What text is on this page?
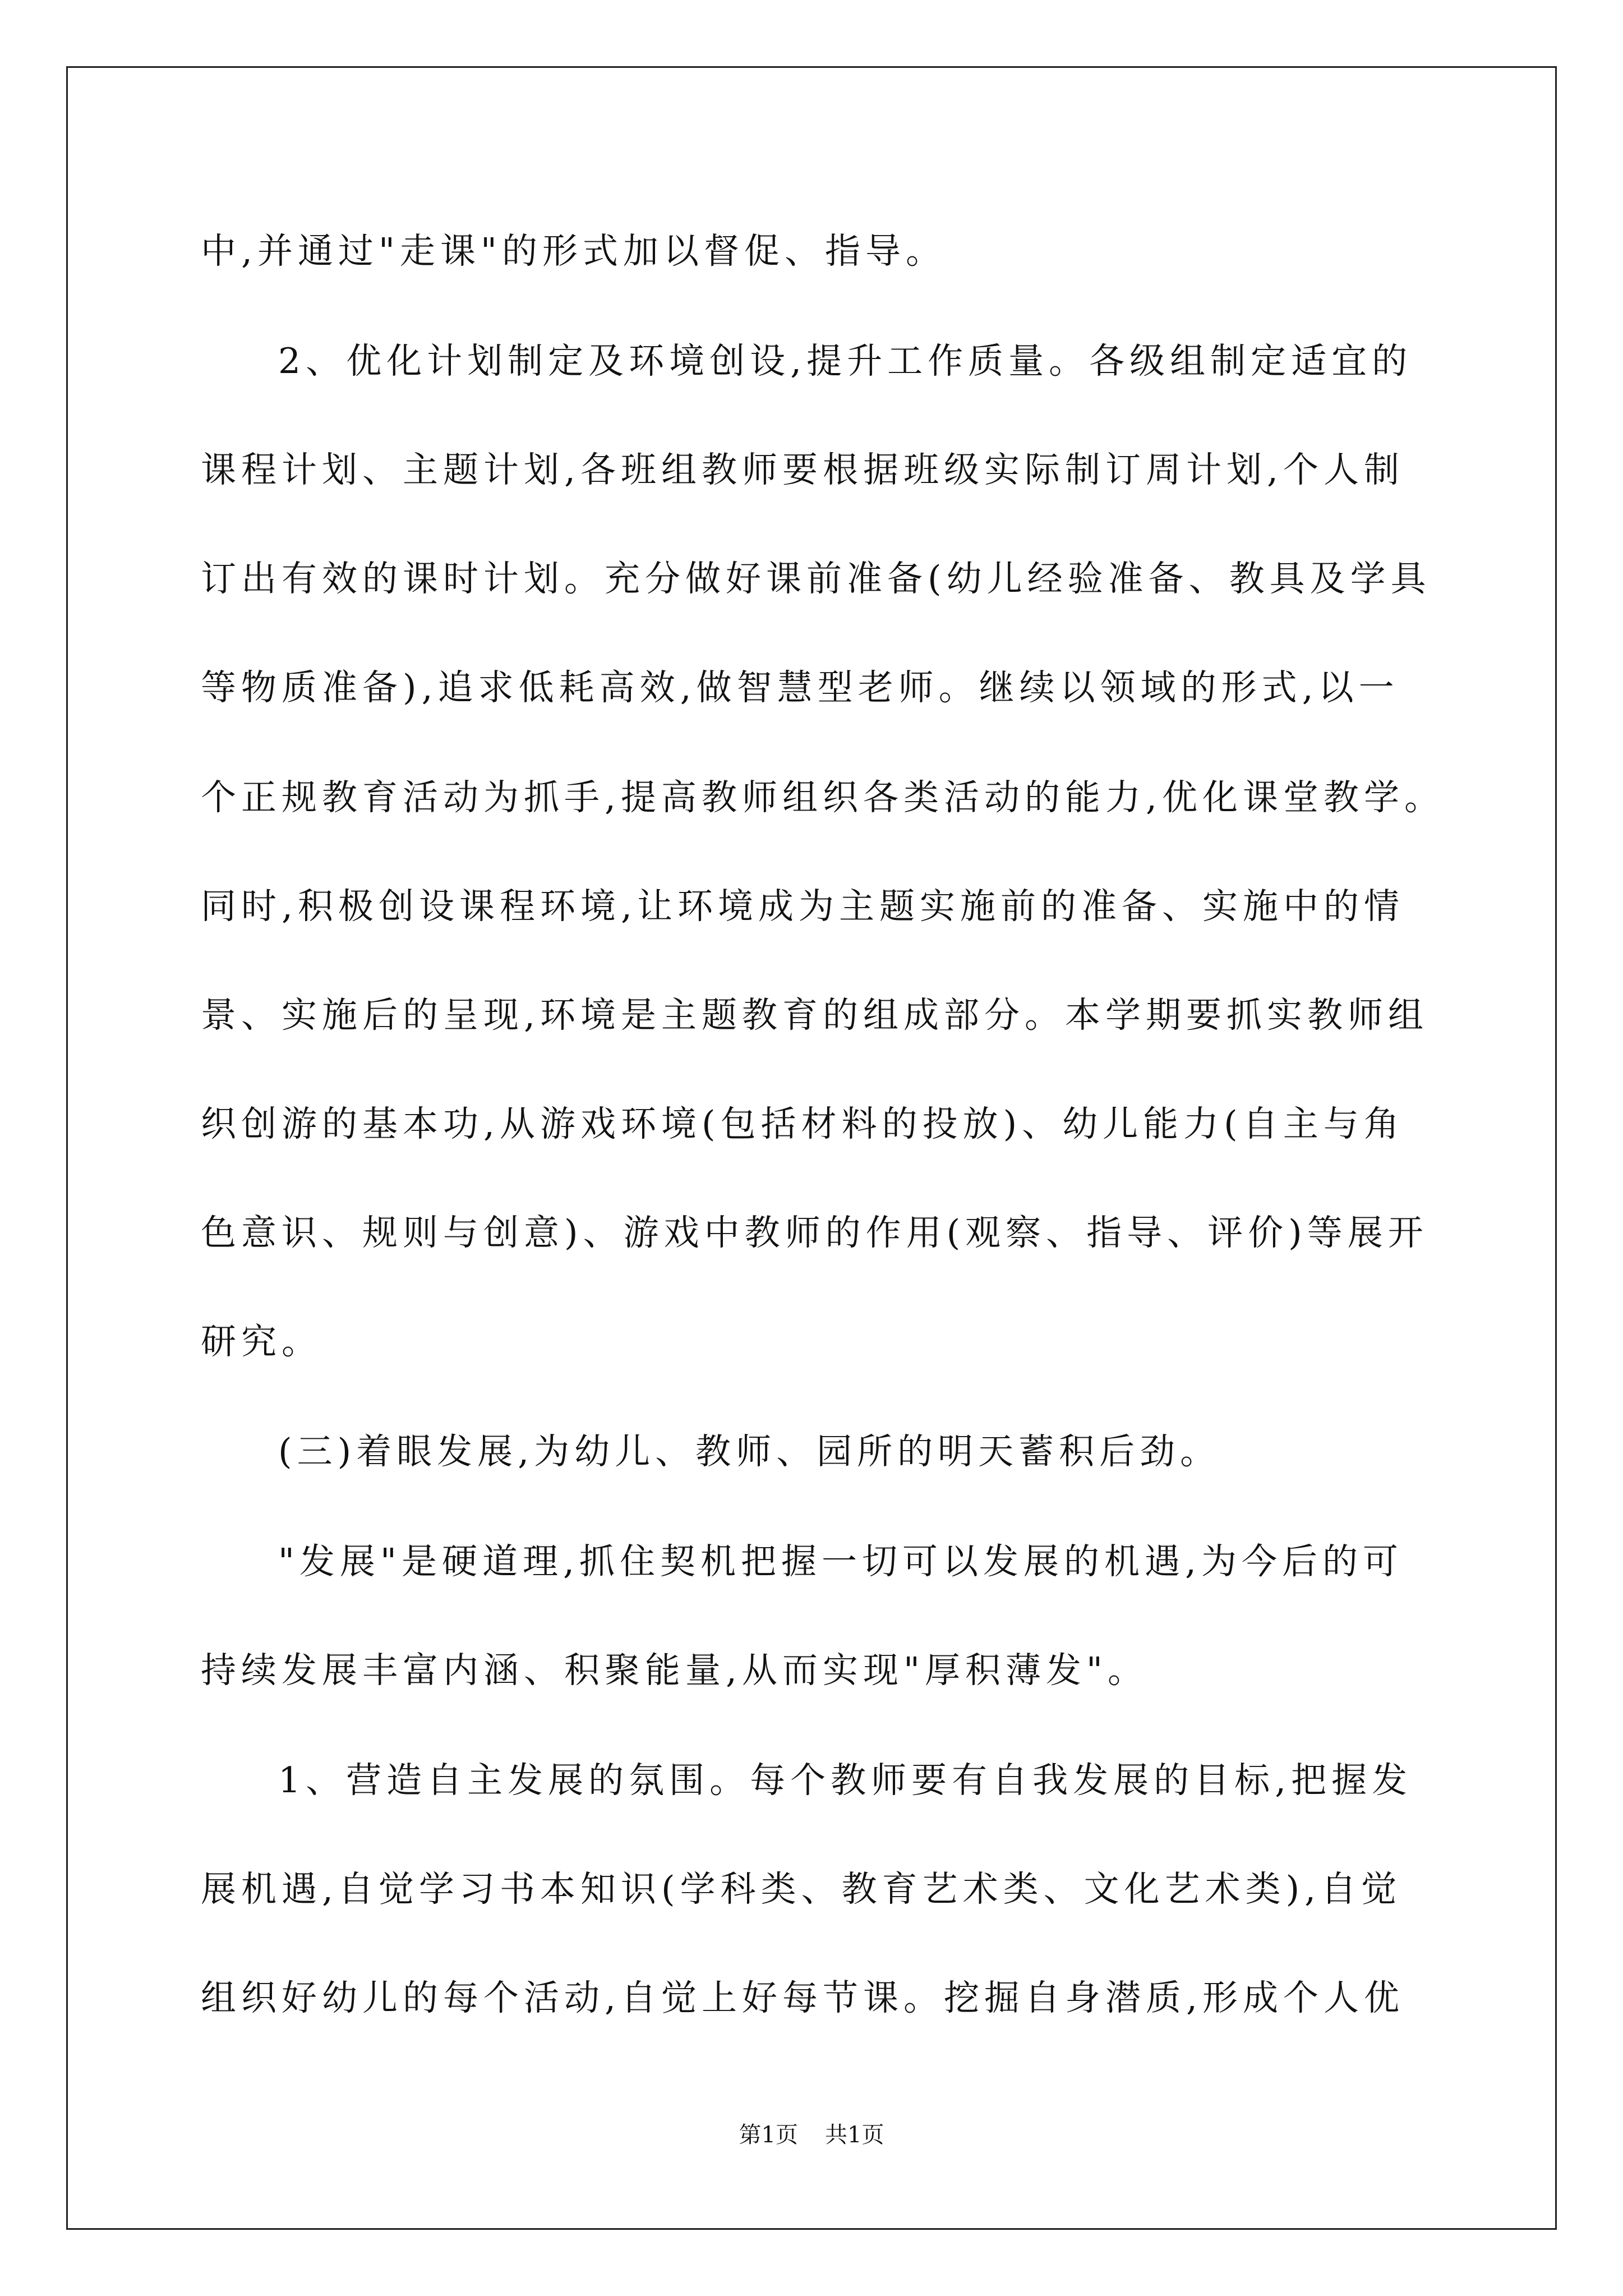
中,并通过"走课"的形式加以督促、指导。
2、优化计划制定及环境创设,提升工作质量。各级组制定适宜的
课程计划、主题计划,各班组教师要根据班级实际制订周计划,个人制
订出有效的课时计划。充分做好课前准备(幼儿经验准备、教具及学具
等物质准备),追求低耗高效,做智慧型老师。继续以领域的形式,以一
个正规教育活动为抓手,提高教师组织各类活动的能力,优化课堂教学。
同时,积极创设课程环境,让环境成为主题实施前的准备、实施中的情
景、实施后的呈现,环境是主题教育的组成部分。本学期要抓实教师组
织创游的基本功,从游戏环境(包括材料的投放)、幼儿能力(自主与角
色意识、规则与创意)、游戏中教师的作用(观察、指导、评价)等展开
研究。
(三)着眼发展,为幼儿、教师、园所的明天蓄积后劲。
"发展"是硬道理,抓住契机把握一切可以发展的机遇,为今后的可
持续发展丰富内涵、积聚能量,从而实现"厚积薄发"。
1、营造自主发展的氛围。每个教师要有自我发展的目标,把握发
展机遇,自觉学习书本知识(学科类、教育艺术类、文化艺术类),自觉
组织好幼儿的每个活动,自觉上好每节课。挖掘自身潜质,形成个人优
第1页 共1页
